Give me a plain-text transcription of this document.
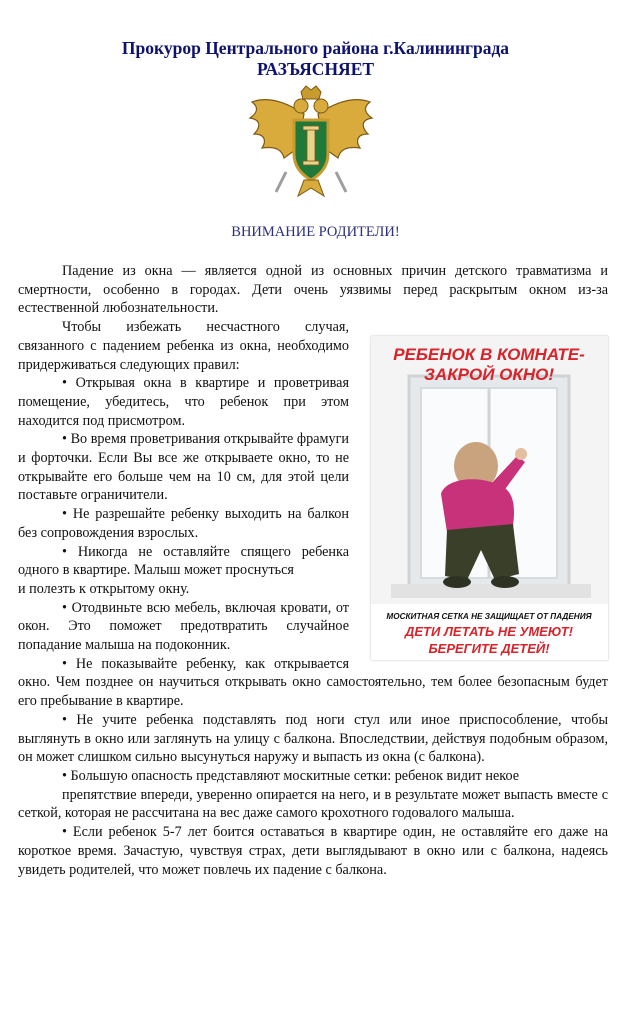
Прокурор Центрального района г.Калининграда
РАЗЪЯСНЯЕТ
ВНИМАНИЕ РОДИТЕЛИ!

Падение из окна — является одной из основных причин детского травматизма и смертности, особенно в городах. Дети очень уязвимы перед раскрытым окном из-за естественной любознательности.

РЕБЕНОК В КОМНАТЕ-
ЗАКРОЙ ОКНО!
МОСКИТНАЯ СЕТКА НЕ ЗАЩИЩАЕТ ОТ ПАДЕНИЯ
ДЕТИ ЛЕТАТЬ НЕ УМЕЮТ!
БЕРЕГИТЕ ДЕТЕЙ!

Чтобы избежать несчастного случая, связанного с падением ребенка из окна, необходимо придерживаться следующих правил:

• Открывая окна в квартире и проветривая помещение, убедитесь, что ребенок при этом находится под присмотром.

• Во время проветривания открывайте фрамуги и форточки. Если Вы все же открываете окно, то не открывайте его больше чем на 10 см, для этой цели поставьте ограничители.

• Не разрешайте ребенку выходить на балкон без сопровождения взрослых.

• Никогда не оставляйте спящего ребенка одного в квартире. Малыш может проснуться

и полезть к открытому окну.

• Отодвиньте всю мебель, включая кровати, от окон. Это поможет предотвратить случайное попадание малыша на подоконник.

• Не показывайте ребенку, как открывается окно. Чем позднее он научиться открывать окно самостоятельно, тем более безопасным будет его пребывание в квартире.

• Не учите ребенка подставлять под ноги стул или иное приспособление, чтобы выглянуть в окно или заглянуть на улицу с балкона. Впоследствии, действуя подобным образом, он может слишком сильно высунуться наружу и выпасть из окна (с балкона).

• Большую опасность представляют москитные сетки: ребенок видит некое

препятствие впереди, уверенно опирается на него, и в результате может выпасть вместе с сеткой, которая не рассчитана на вес даже самого крохотного годовалого малыша.

• Если ребенок 5-7 лет боится оставаться в квартире один, не оставляйте его даже на короткое время. Зачастую, чувствуя страх, дети выглядывают в окно или с балкона, надеясь увидеть родителей, что может повлечь их падение с балкона.
